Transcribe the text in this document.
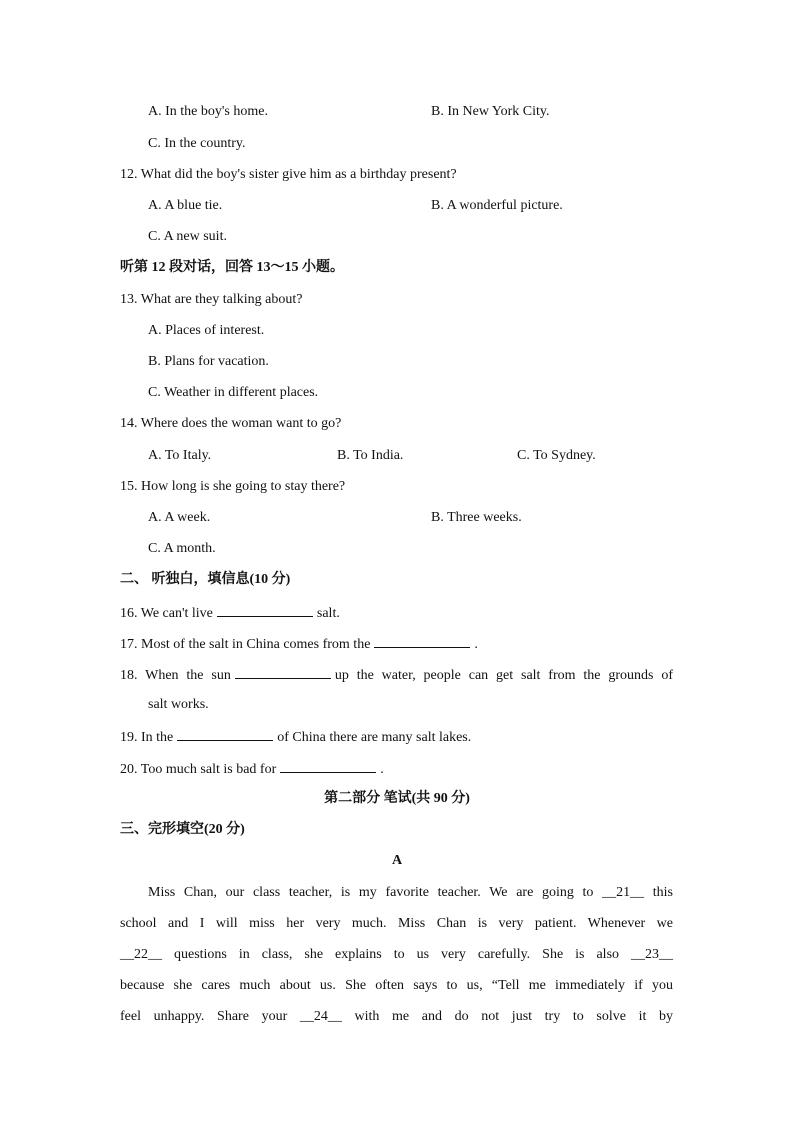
A. In the boy's home.	B. In New York City.
C. In the country.
12. What did the boy's sister give him as a birthday present?
A. A blue tie.	B. A wonderful picture.
C. A new suit.
听第 12 段对话，回答 13～15 小题。
13. What are they talking about?
A. Places of interest.
B. Plans for vacation.
C. Weather in different places.
14. Where does the woman want to go?
A. To Italy.	B. To India.	C. To Sydney.
15. How long is she going to stay there?
A. A week.	B. Three weeks.
C. A month.
二、 听独白，填信息(10 分)
16. We can't live	salt.
17. Most of the salt in China comes from the	.
18. When the sun	up the water, people can get salt from the grounds of
salt works.
19. In the	of China there are many salt lakes.
20. Too much salt is bad for	.
第二部分 笔试(共 90 分)
三、完形填空(20 分)
A
Miss Chan, our class teacher, is my favorite teacher. We are going to __21__ this
school and I will miss her very much. Miss Chan is very patient. Whenever we
__22__ questions in class, she explains to us very carefully. She is also __23__
because she cares much about us. She often says to us, “Tell me immediately if you
feel unhappy. Share your __24__ with me and do not just try to solve it by
